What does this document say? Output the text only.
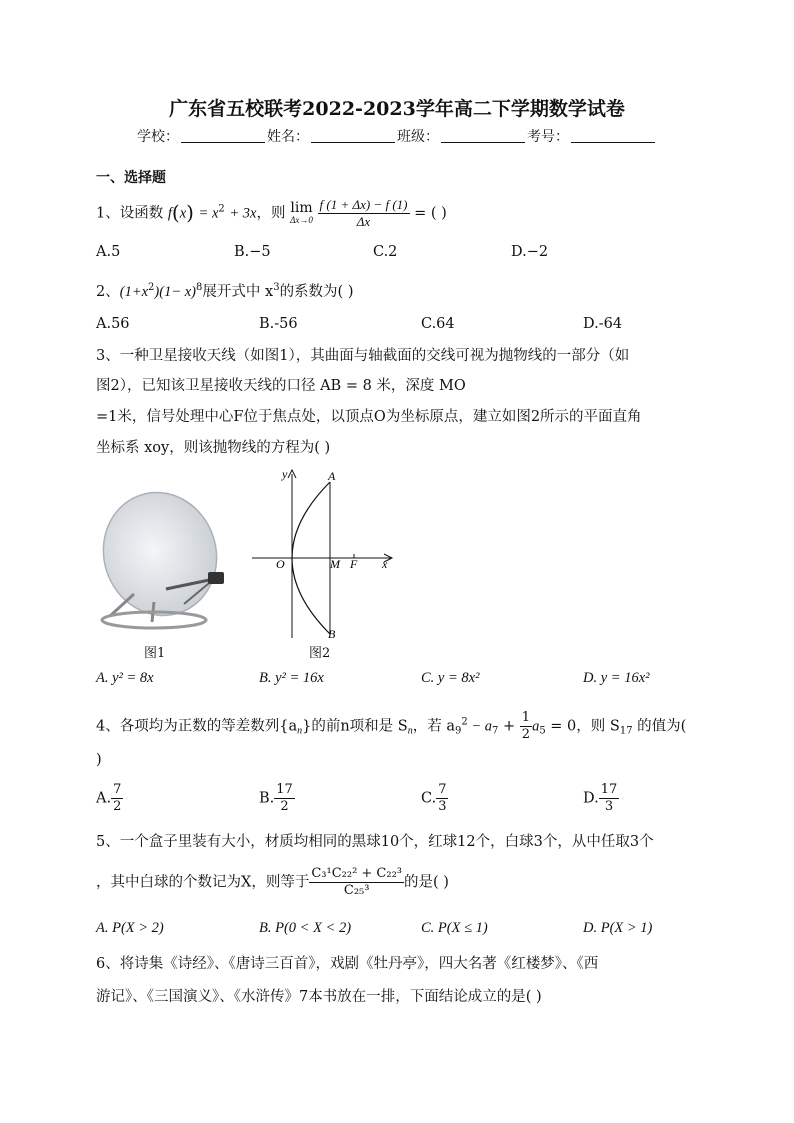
广东省五校联考2022-2023学年高二下学期数学试卷
学校：	姓名：	班级：	考号：
一、选择题
1、设函数 $f(x) = x^2 + 3x$，则 lim
Δx→0
$\frac{f (1 + \Delta x) - f (1)}{\Delta x}$ = ( )
A.5	B.−5	C.2	D.−2
2、$(1+x^2)(1- x)^8$展开式中 $x^3$的系数为( )
A.56	B.-56	C.64	D.-64
3、一种卫星接收天线（如图1），其曲面与轴截面的交线可视为抛物线的一部分（如
图2），已知该卫星接收天线的口径 AB = 8 米，深度 MO
=1米，信号处理中心F位于焦点处，以顶点O为坐标原点，建立如图2所示的平面直角
坐标系 xoy，则该抛物线的方程为( )
y	A
O	M F x
B
图1	图2
A. y² = 8x	B. y² = 16x	C. y = 8x²	D. y = 16x²
4、各项均为正数的等差数列$\{a_n\}$的前n项和是 $S_n$，若 $a_9^2 - a_7 + \frac{1}{2} a_5 = 0$，则 $S_{17}$ 的值为(
)
A. $\frac{7}{2}$	B. $\frac{17}{2}$	C. $\frac{7}{3}$	D. $\frac{17}{3}$
5、一个盒子里装有大小，材质均相同的黑球10个，红球12个，白球3个，从中任取3个
，其中白球的个数记为X，则等于 $\frac{\text{C₃¹C₂₂² + C₂₂³}}{\text{C₂₅³}}$ 的是( )
A. P(X > 2)	B. P(0 < X < 2)	C. P(X ≤ 1)	D. P(X > 1)
6、将诗集《诗经》、《唐诗三百首》，戏剧《牡丹亭》，四大名著《红楼梦》、《西
游记》、《三国演义》、《水浒传》7本书放在一排，下面结论成立的是( )
